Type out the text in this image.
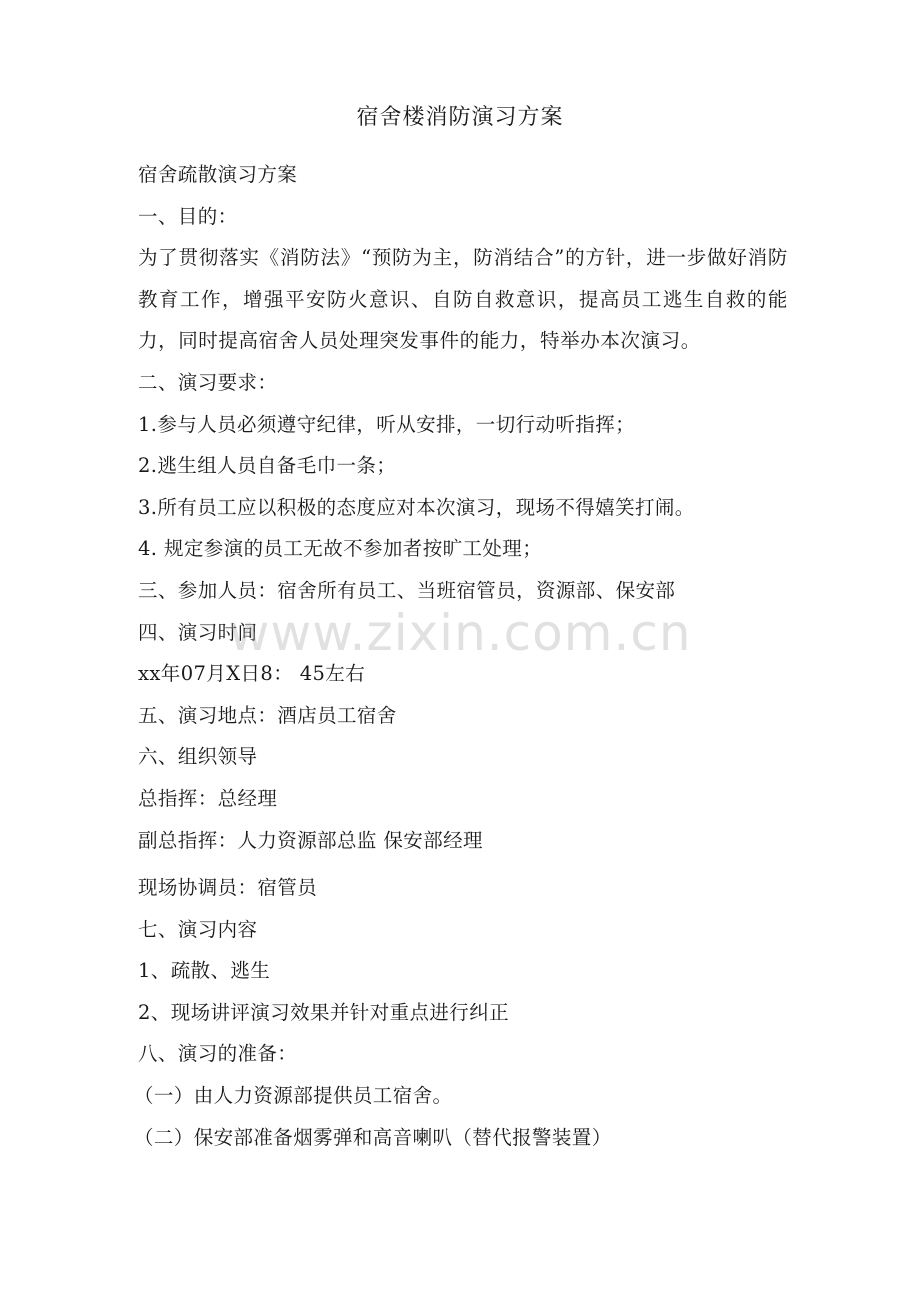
宿舍楼消防演习方案
宿舍疏散演习方案
一、目的：
为了贯彻落实《消防法》“预防为主，防消结合”的方针，进一步做好消防教育工作，增强平安防火意识、自防自救意识，提高员工逃生自救的能力，同时提高宿舍人员处理突发事件的能力，特举办本次演习。
二、演习要求：
1.参与人员必须遵守纪律，听从安排，一切行动听指挥；
2.逃生组人员自备毛巾一条；
3.所有员工应以积极的态度应对本次演习，现场不得嬉笑打闹。
4. 规定参演的员工无故不参加者按旷工处理；
三、参加人员：宿舍所有员工、当班宿管员，资源部、保安部
四、演习时间
xx年07月X日8： 45左右
五、演习地点：酒店员工宿舍
六、组织领导
总指挥：总经理
副总指挥：人力资源部总监 保安部经理
现场协调员：宿管员
七、演习内容
1、疏散、逃生
2、现场讲评演习效果并针对重点进行纠正
八、演习的准备：
（一）由人力资源部提供员工宿舍。
（二）保安部准备烟雾弹和高音喇叭（替代报警装置）
www.zixin.com.cn
